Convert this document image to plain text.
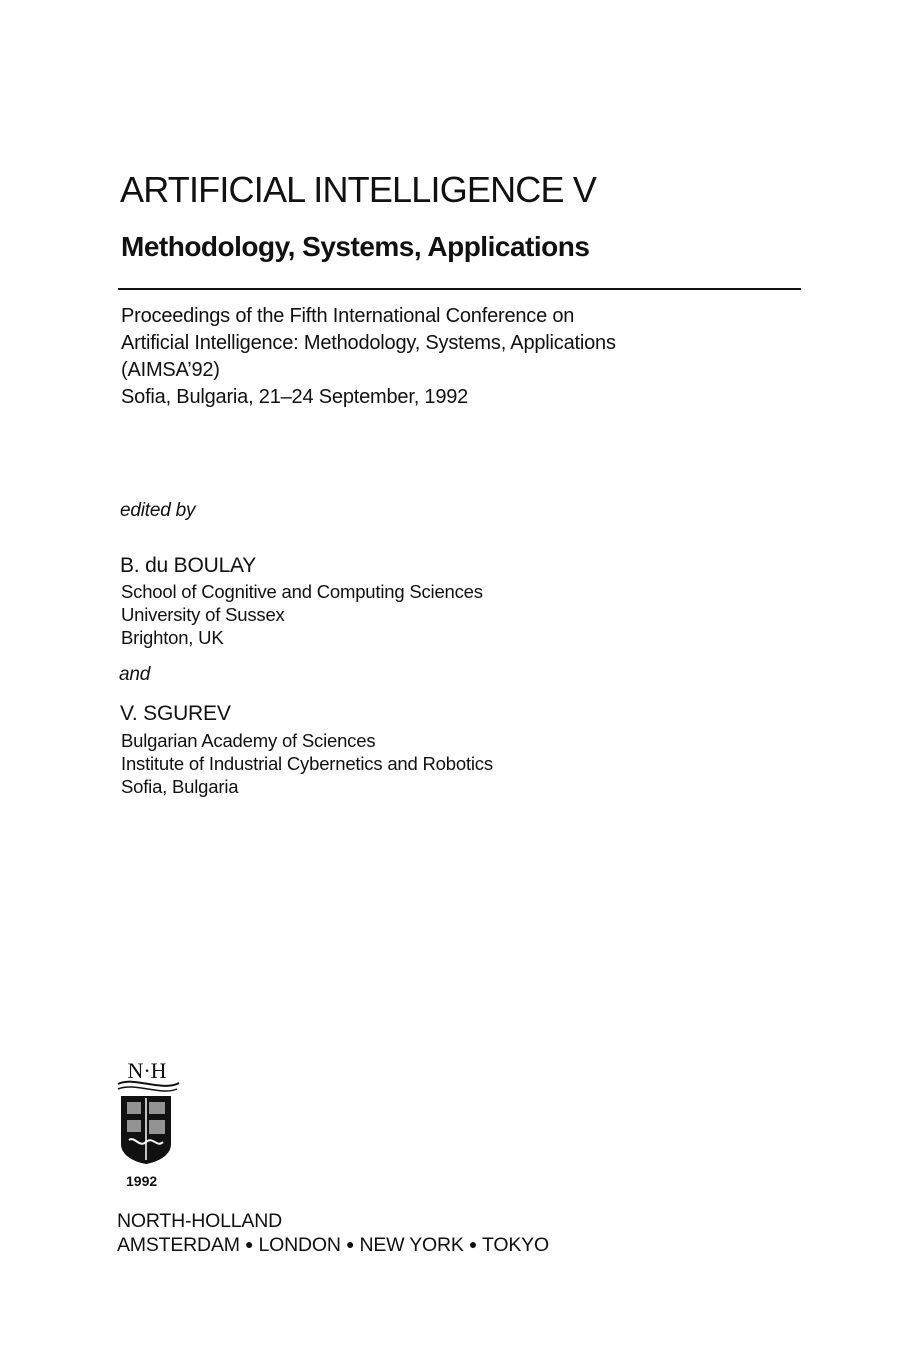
ARTIFICIAL INTELLIGENCE V
Methodology, Systems, Applications
Proceedings of the Fifth International Conference on
Artificial Intelligence: Methodology, Systems, Applications
(AIMSA’92)
Sofia, Bulgaria, 21–24 September, 1992
edited by
B. du BOULAY
School of Cognitive and Computing Sciences
University of Sussex
Brighton, UK
and
V. SGUREV
Bulgarian Academy of Sciences
Institute of Industrial Cybernetics and Robotics
Sofia, Bulgaria
N·H
1992
NORTH-HOLLAND
AMSTERDAM ● LONDON ● NEW YORK ● TOKYO
